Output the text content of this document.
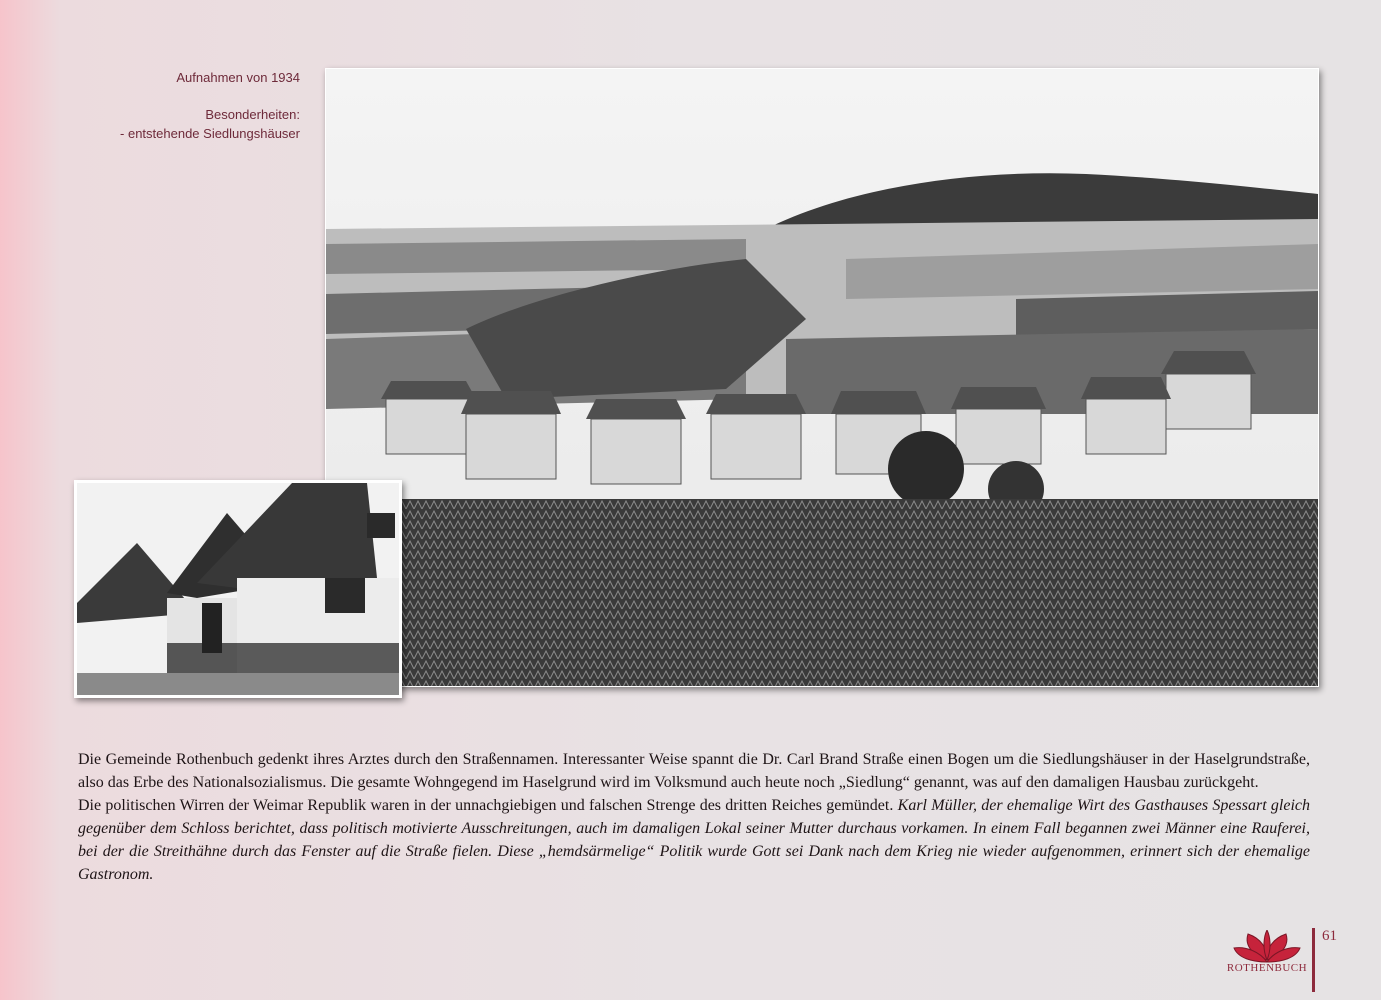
Aufnahmen von 1934
Besonderheiten:
- entstehende Siedlungshäuser

Die Gemeinde Rothenbuch gedenkt ihres Arztes durch den Straßennamen. Interessanter Weise spannt die Dr. Carl Brand Straße einen Bogen um die Siedlungshäuser in der Haselgrundstraße, also das Erbe des Nationalsozialismus. Die gesamte Wohngegend im Haselgrund wird im Volksmund auch heute noch „Siedlung“ genannt, was auf den damaligen Hausbau zurückgeht.

Die politischen Wirren der Weimar Republik waren in der unnachgiebigen und falschen Strenge des dritten Reiches gemündet. Karl Müller, der ehemalige Wirt des Gasthauses Spessart gleich gegenüber dem Schloss berichtet, dass politisch motivierte Ausschreitungen, auch im damaligen Lokal seiner Mutter durchaus vorkamen. In einem Fall begannen zwei Männer eine Rauferei, bei der die Streithähne durch das Fenster auf die Straße fielen. Diese „hemdsärmelige“ Politik wurde Gott sei Dank nach dem Krieg nie wieder aufgenommen, erinnert sich der ehemalige Gastronom.

61
ROTHENBUCH
